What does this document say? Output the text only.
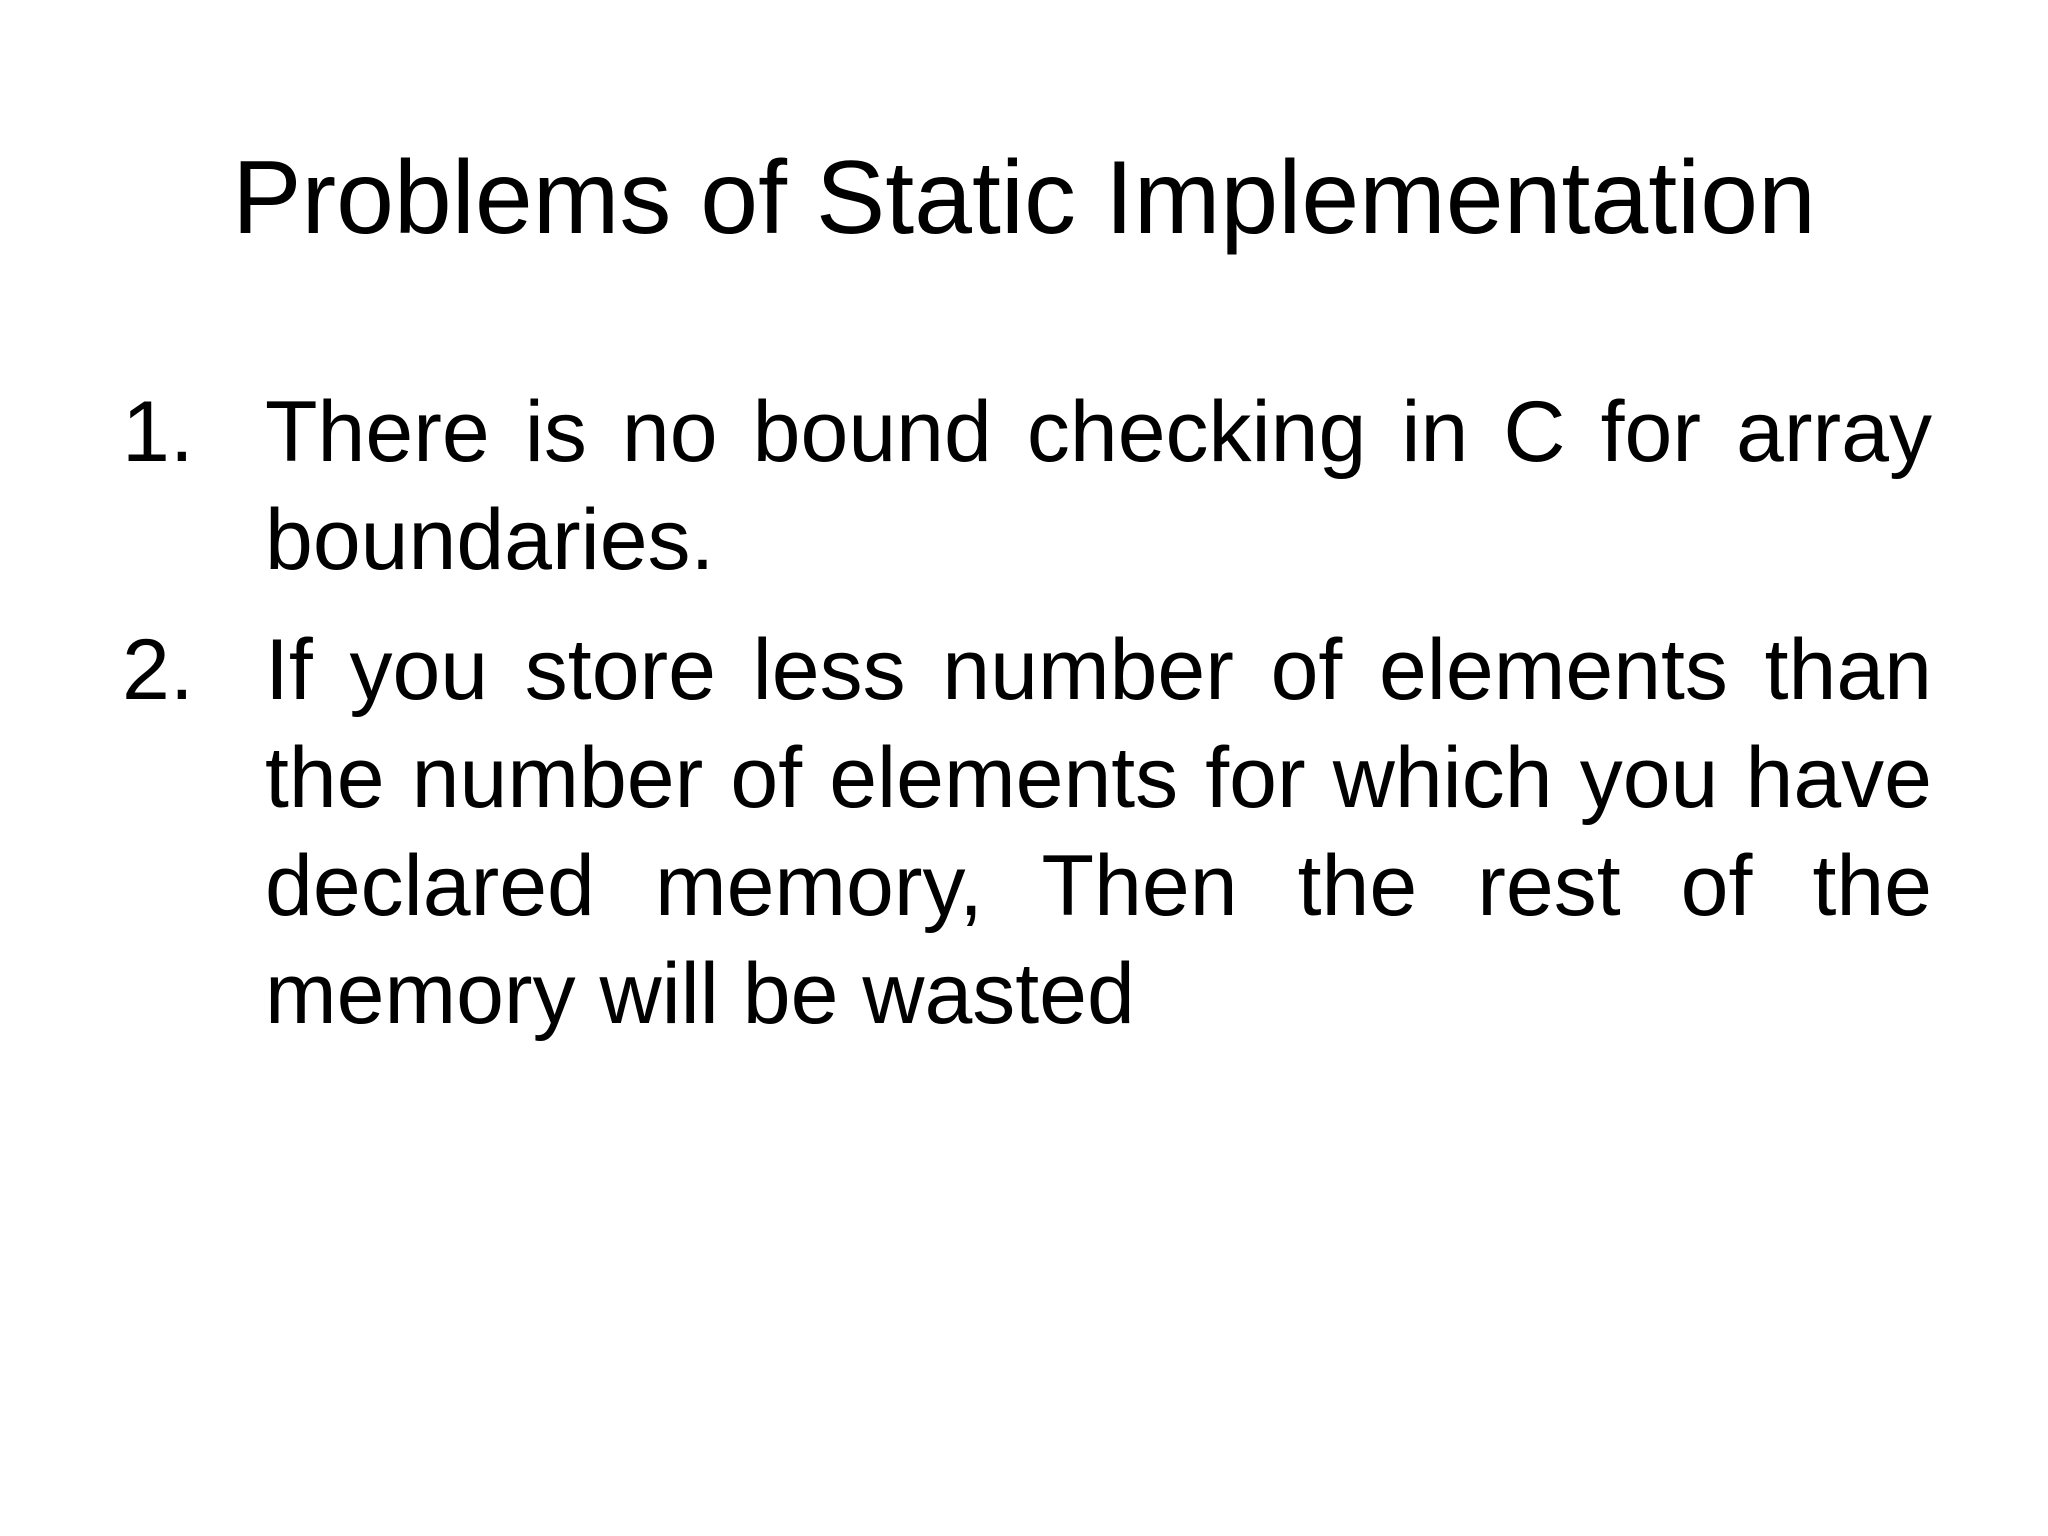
Problems of Static Implementation
1. There is no bound checking in C for array boundaries.
2. If you store less number of elements than the number of elements for which you have declared memory, Then the rest of the memory will be wasted
